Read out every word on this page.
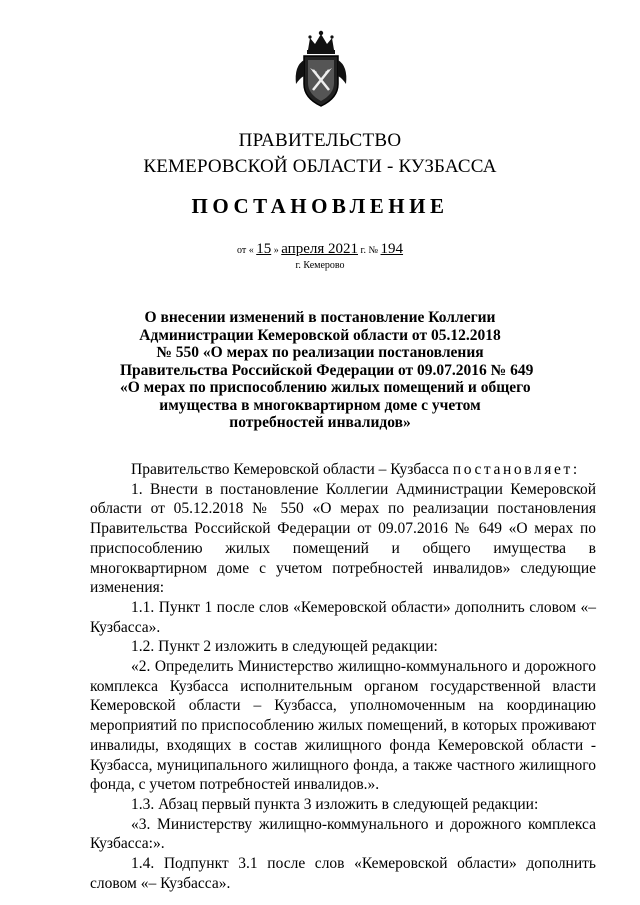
ПРАВИТЕЛЬСТВО
КЕМЕРОВСКОЙ ОБЛАСТИ - КУЗБАССА
ПОСТАНОВЛЕНИЕ
от « 15 » апреля 2021 г. № 194
г. Кемерово
О внесении изменений в постановление Коллегии
Администрации Кемеровской области от 05.12.2018
№ 550 «О мерах по реализации постановления
Правительства Российской Федерации от 09.07.2016 № 649
«О мерах по приспособлению жилых помещений и общего
имущества в многоквартирном доме с учетом
потребностей инвалидов»

Правительство Кемеровской области – Кузбасса постановляет:

1. Внести в постановление Коллегии Администрации Кемеровской области от 05.12.2018 № 550 «О мерах по реализации постановления Правительства Российской Федерации от 09.07.2016 № 649 «О мерах по приспособлению жилых помещений и общего имущества в многоквартирном доме с учетом потребностей инвалидов» следующие изменения:

1.1. Пункт 1 после слов «Кемеровской области» дополнить словом «– Кузбасса».

1.2. Пункт 2 изложить в следующей редакции:

«2. Определить Министерство жилищно-коммунального и дорожного комплекса Кузбасса исполнительным органом государственной власти Кемеровской области – Кузбасса, уполномоченным на координацию мероприятий по приспособлению жилых помещений, в которых проживают инвалиды, входящих в состав жилищного фонда Кемеровской области - Кузбасса, муниципального жилищного фонда, а также частного жилищного фонда, с учетом потребностей инвалидов.».

1.3. Абзац первый пункта 3 изложить в следующей редакции:

«3. Министерству жилищно-коммунального и дорожного комплекса Кузбасса:».

1.4. Подпункт 3.1 после слов «Кемеровской области» дополнить словом «– Кузбасса».
